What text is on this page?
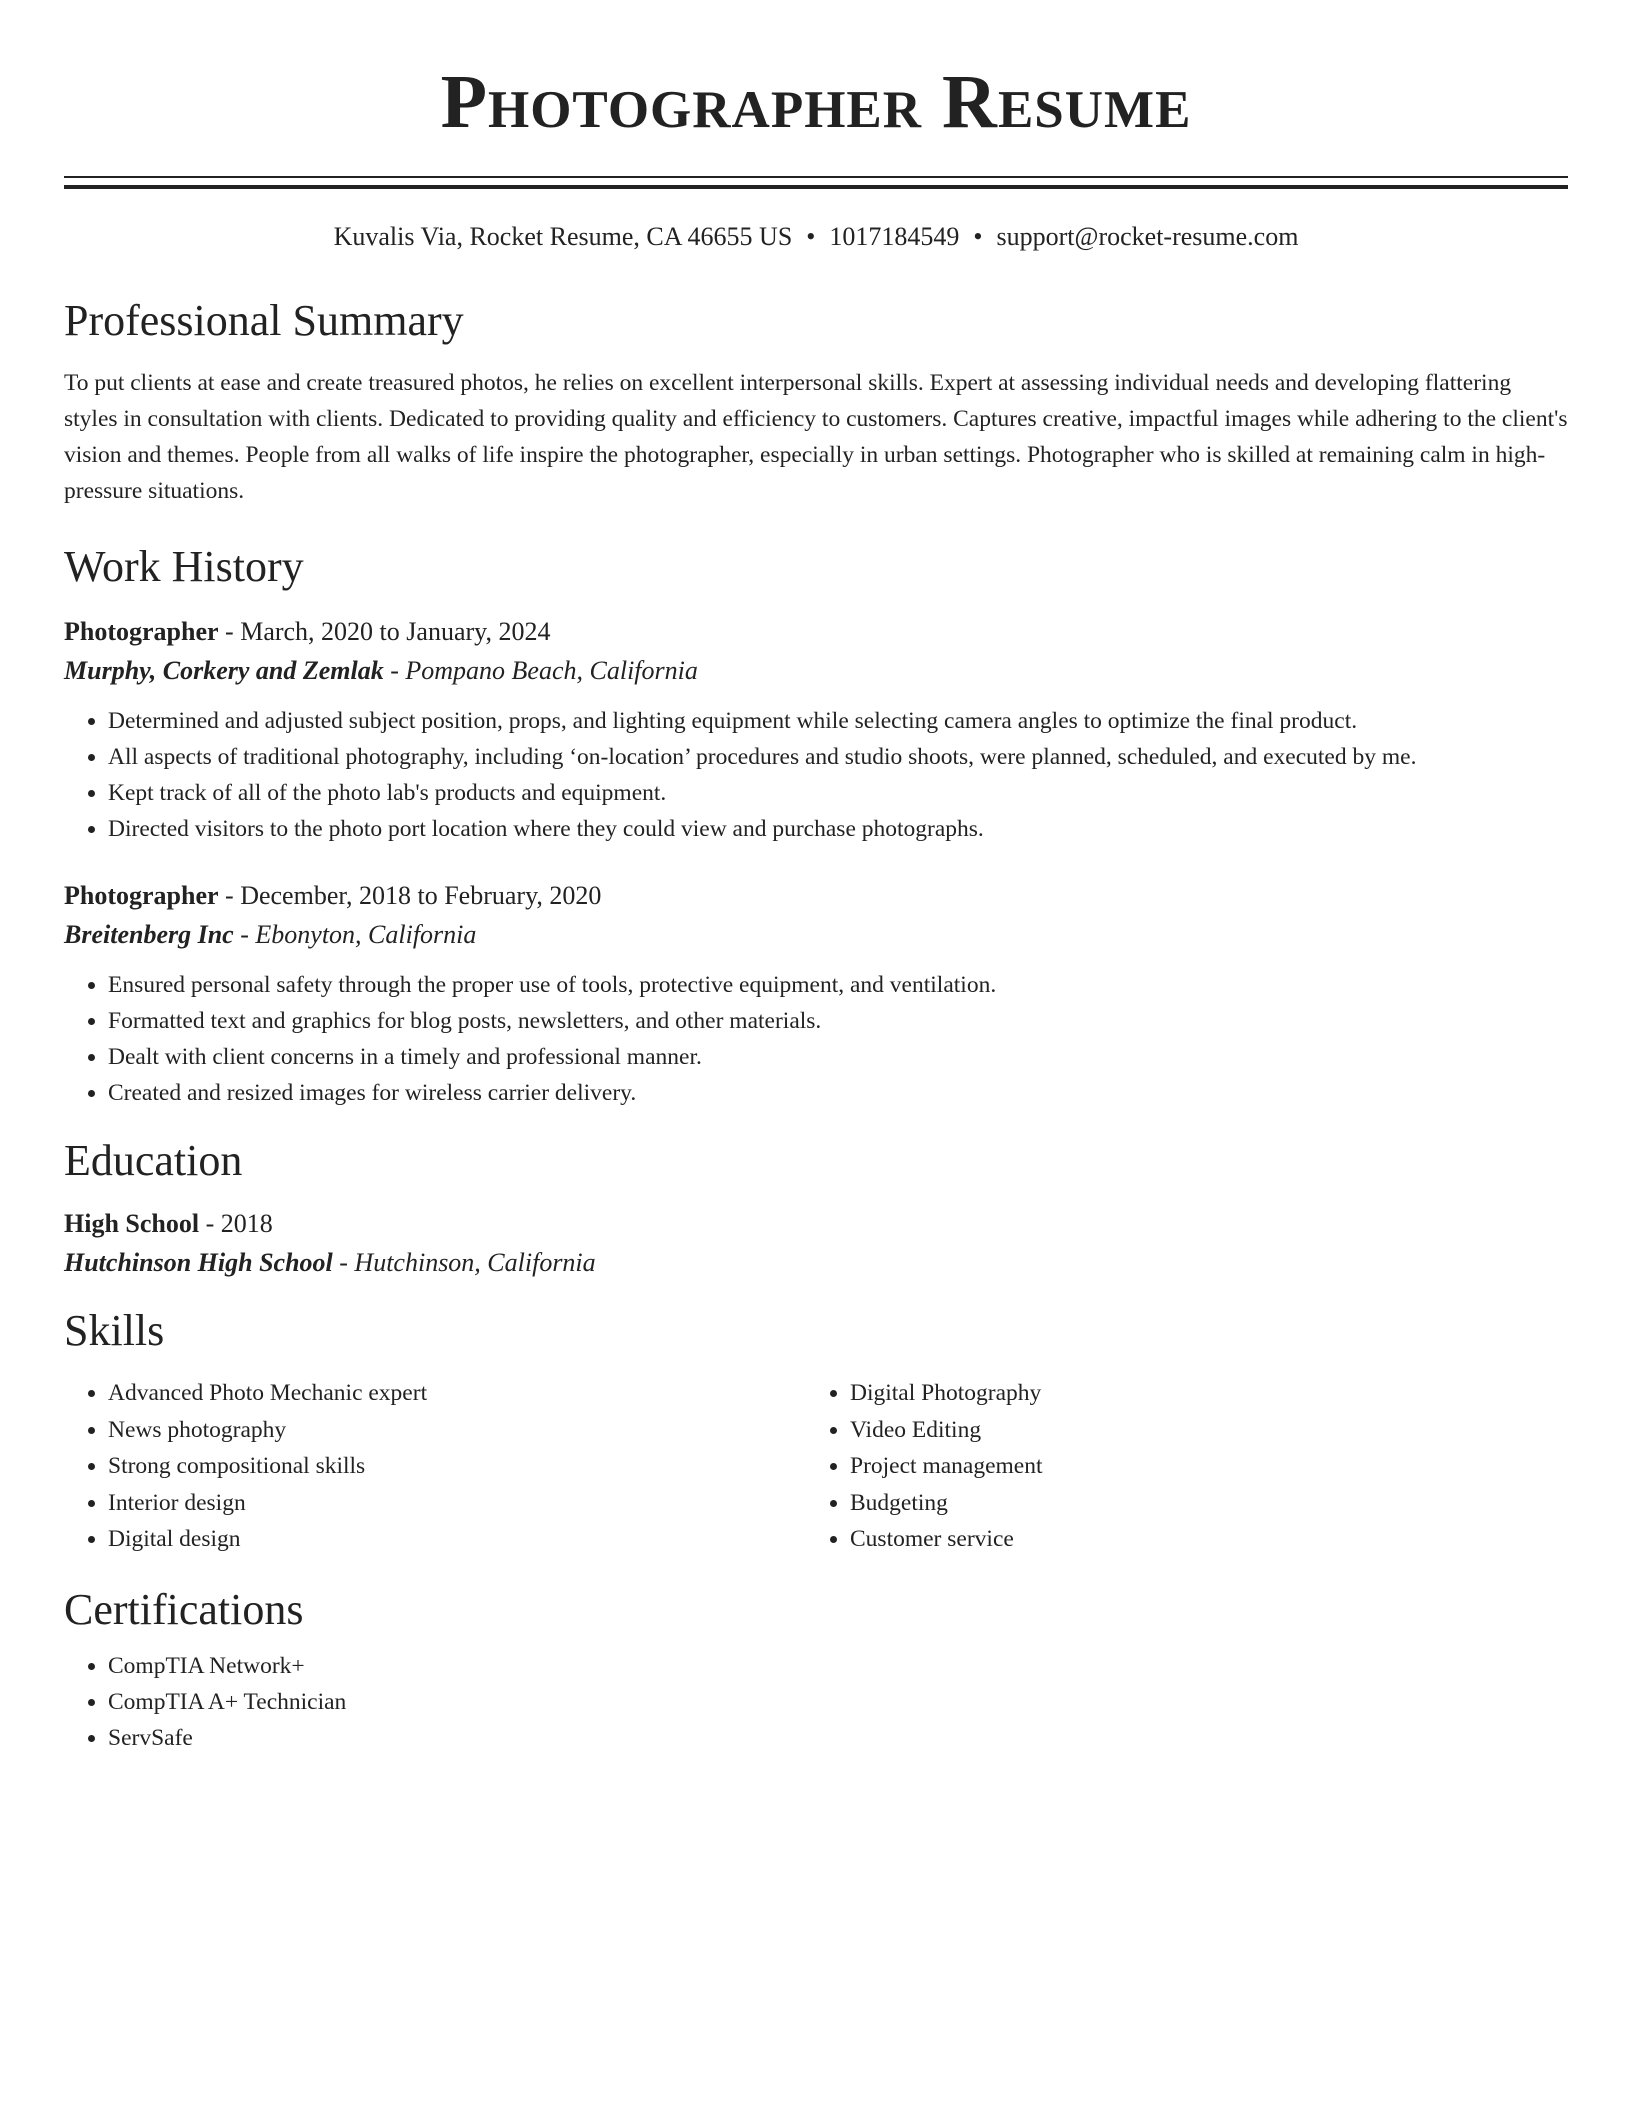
Photographer Resume
Kuvalis Via, Rocket Resume, CA 46655 US • 1017184549 • support@rocket-resume.com
Professional Summary

To put clients at ease and create treasured photos, he relies on excellent interpersonal skills. Expert at assessing individual needs and developing flattering styles in consultation with clients. Dedicated to providing quality and efficiency to customers. Captures creative, impactful images while adhering to the client's vision and themes. People from all walks of life inspire the photographer, especially in urban settings. Photographer who is skilled at remaining calm in high-pressure situations.

Work History
Photographer - March, 2020 to January, 2024
Murphy, Corkery and Zemlak - Pompano Beach, California
• Determined and adjusted subject position, props, and lighting equipment while selecting camera angles to optimize the final product.
• All aspects of traditional photography, including ‘on-location’ procedures and studio shoots, were planned, scheduled, and executed by me.
• Kept track of all of the photo lab's products and equipment.
• Directed visitors to the photo port location where they could view and purchase photographs.
Photographer - December, 2018 to February, 2020
Breitenberg Inc - Ebonyton, California
• Ensured personal safety through the proper use of tools, protective equipment, and ventilation.
• Formatted text and graphics for blog posts, newsletters, and other materials.
• Dealt with client concerns in a timely and professional manner.
• Created and resized images for wireless carrier delivery.
Education
High School - 2018
Hutchinson High School - Hutchinson, California
Skills
• Advanced Photo Mechanic expert
• News photography
• Strong compositional skills
• Interior design
• Digital design
• Digital Photography
• Video Editing
• Project management
• Budgeting
• Customer service
Certifications
• CompTIA Network+
• CompTIA A+ Technician
• ServSafe
